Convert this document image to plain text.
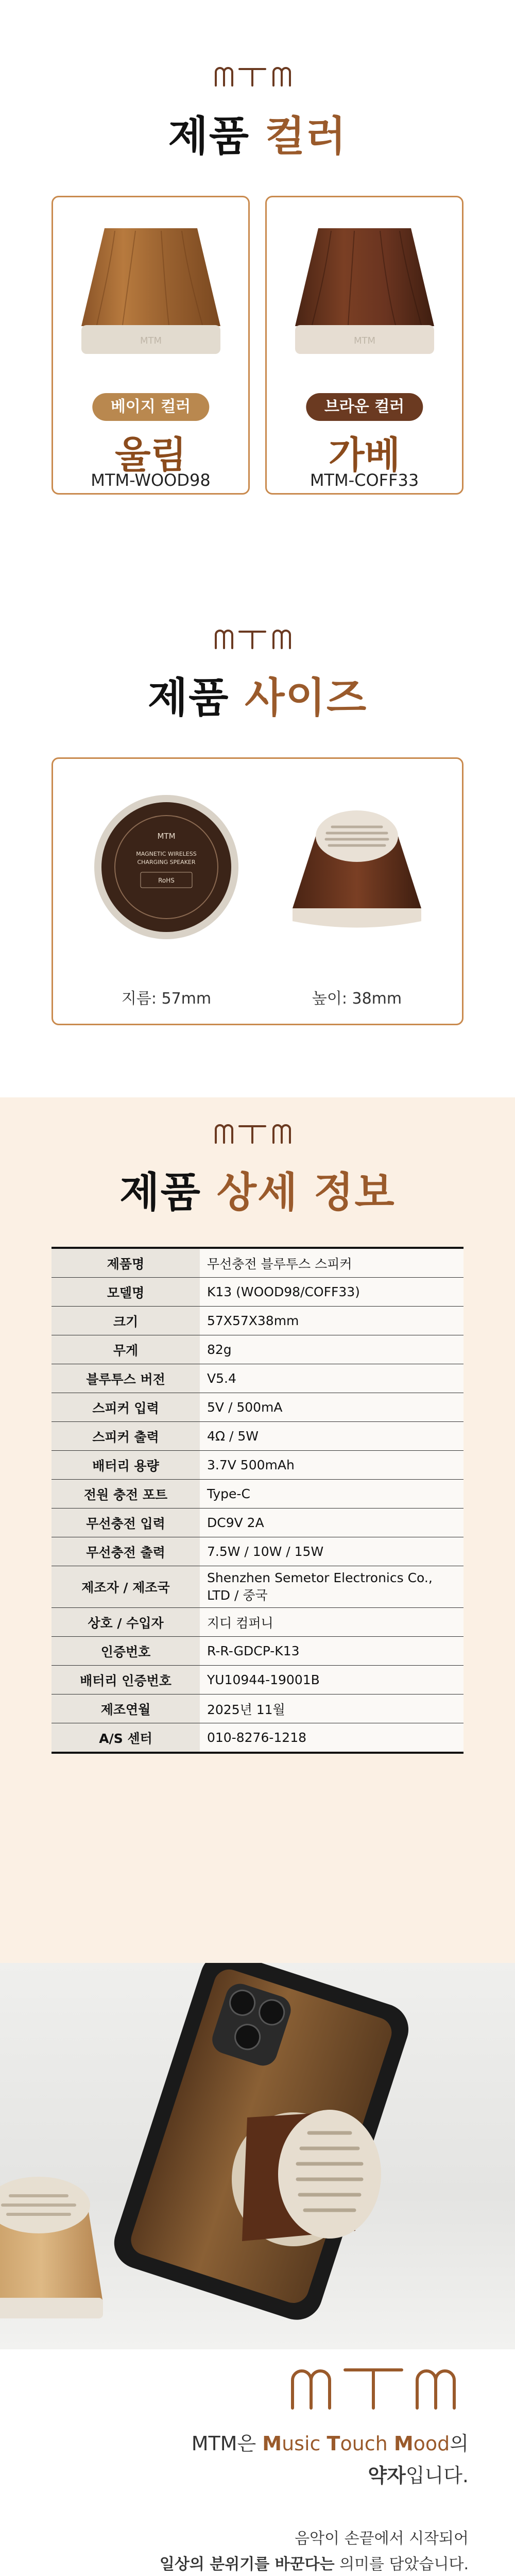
제품 컬러
MTM
베이지 컬러
울림
MTM-WOOD98
MTM
브라운 컬러
가베
MTM-COFF33
제품 사이즈
MTM
MAGNETIC WIRELESS
CHARGING SPEAKER
RoHS
지름: 57mm	높이: 38mm
제품 상세 정보
제품명	무선충전 블루투스 스피커
모델명	K13 (WOOD98/COFF33)
크기	57X57X38mm
무게	82g
블루투스 버전	V5.4
스피커 입력	5V / 500mA
스피커 출력	4Ω / 5W
배터리 용량	3.7V 500mAh
전원 충전 포트	Type-C
무선충전 입력	DC9V 2A
무선충전 출력	7.5W / 10W / 15W
제조자 / 제조국	Shenzhen Semetor Electronics Co., LTD / 중국
상호 / 수입자	지디 컴퍼니
인증번호	R-R-GDCP-K13
배터리 인증번호	YU10944-19001B
제조연월	2025년 11월
A/S 센터	010-8276-1218
MTM은 Music Touch Mood의
약자입니다.
음악이 손끝에서 시작되어
일상의 분위기를 바꾼다는 의미를 담았습니다.
